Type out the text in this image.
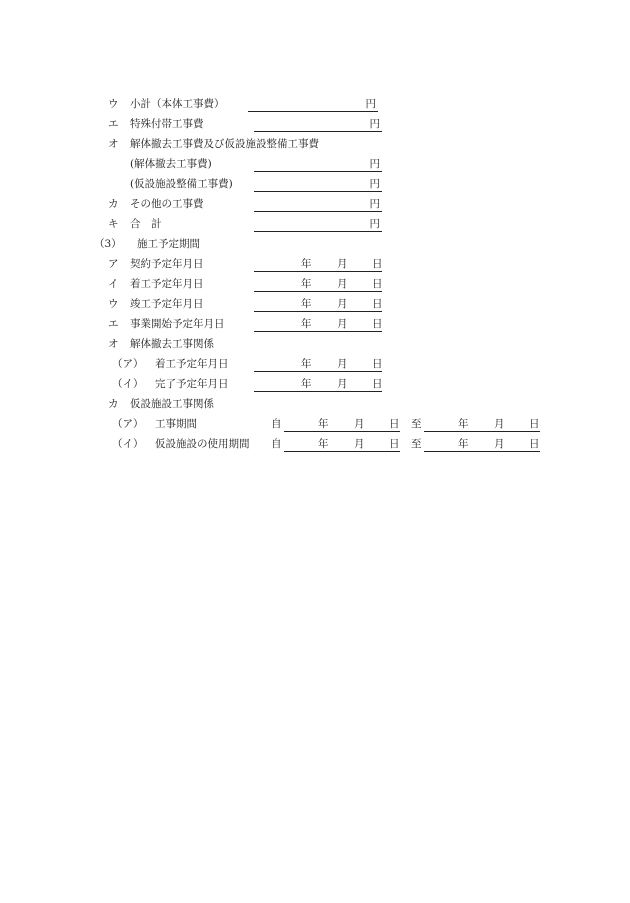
ウ 小計（本体工事費）	円
エ 特殊付帯工事費	円
オ 解体撤去工事費及び仮設施設整備工事費
(解体撤去工事費)	円
(仮設施設整備工事費)	円
カ その他の工事費	円
キ 合　計	円
（3） 施工予定期間
ア 契約予定年月日	年 月 日
イ 着工予定年月日	年 月 日
ウ 竣工予定年月日	年 月 日
エ 事業開始予定年月日	年 月 日
オ 解体撤去工事関係
（ア） 着工予定年月日	年 月 日
（イ） 完了予定年月日	年 月 日
カ 仮設施設工事関係
（ア） 工事期間	自	年 月 日 至	年 月 日
（イ） 仮設施設の使用期間 自	年 月 日 至	年 月 日
